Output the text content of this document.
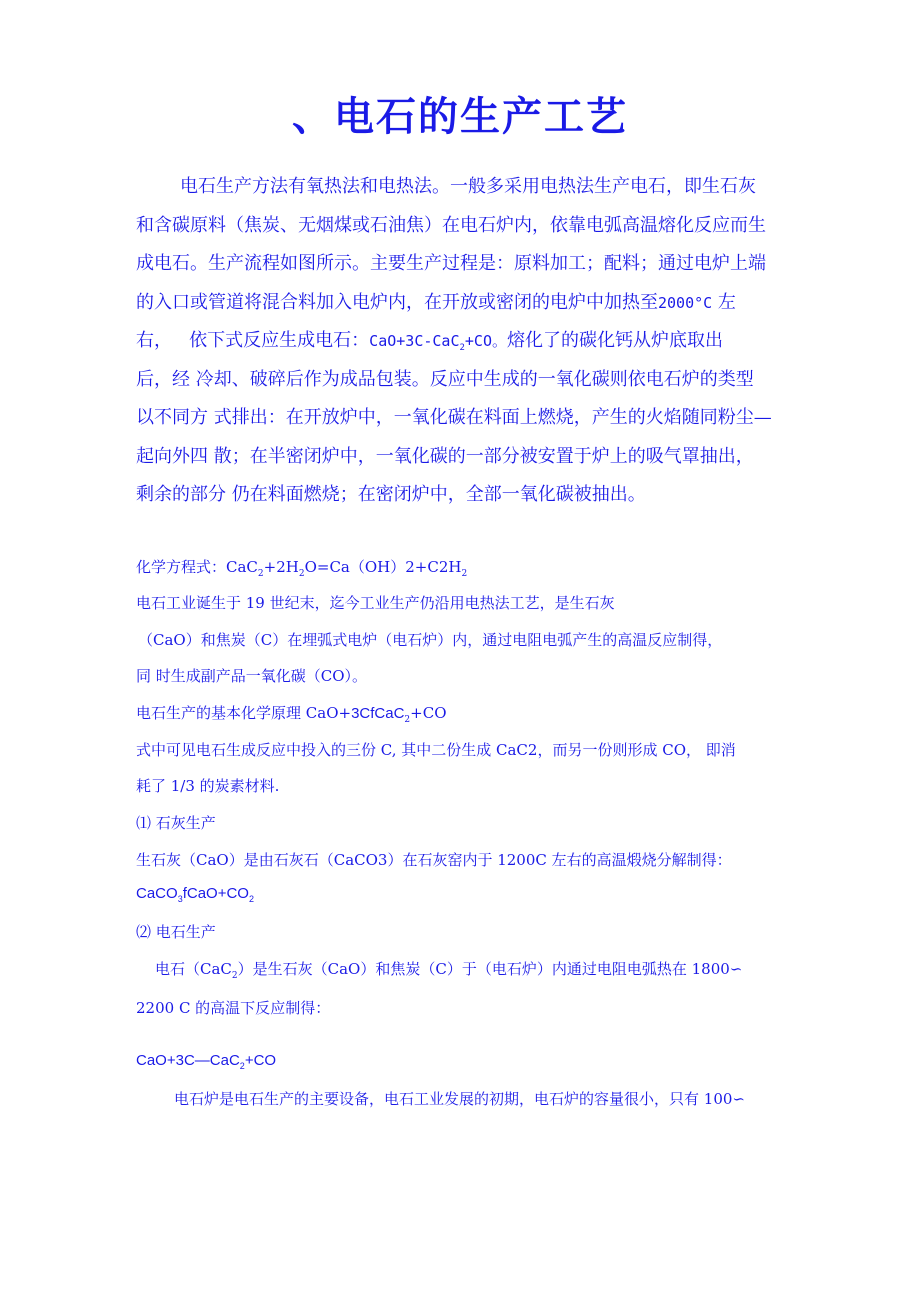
、电石的生产工艺
电石生产方法有氧热法和电热法。一般多采用电热法生产电石，即生石灰
和含碳原料（焦炭、无烟煤或石油焦）在电石炉内，依靠电弧高温熔化反应而生
成电石。生产流程如图所示。主要生产过程是：原料加工；配料；通过电炉上端
的入口或管道将混合料加入电炉内，在开放或密闭的电炉中加热至2000°C 左
右， 依下式反应生成电石：CaO+3C-CaC$_2$+CO。熔化了的碳化钙从炉底取出
后，经 冷却、破碎后作为成品包装。反应中生成的一氧化碳则依电石炉的类型
以不同方 式排出：在开放炉中，一氧化碳在料面上燃烧，产生的火焰随同粉尘—
起向外四 散；在半密闭炉中，一氧化碳的一部分被安置于炉上的吸气罩抽出，
剩余的部分 仍在料面燃烧；在密闭炉中，全部一氧化碳被抽出。
化学方程式：$CaC_2+2H_2O=Ca(OH)2+C2H_2$
电石工业诞生于 19 世纪末，迄今工业生产仍沿用电热法工艺，是生石灰
（CaO）和焦炭（C）在埋弧式电炉（电石炉）内，通过电阻电弧产生的高温反应制得，
同 时生成副产品一氧化碳（CO）。
电石生产的基本化学原理 CaO+3CfCaC$_2$+CO
式中可见电石生成反应中投入的三份 C, 其中二份生成 CaC2，而另一份则形成 CO， 即消
耗了 1/3 的炭素材料.
⑴ 石灰生产
生石灰（CaO）是由石灰石（CaCO3）在石灰窑内于 1200C 左右的高温煅烧分解制得：
$CaCO_3fCaO+CO_2$
⑵ 电石生产
电石（CaC$_2$）是生石灰（CaO）和焦炭（C）于（电石炉）内通过电阻电弧热在 1800∽
2200 C 的高温下反应制得：
CaO+3C—CaC$_2$+CO
电石炉是电石生产的主要设备，电石工业发展的初期，电石炉的容量很小，只有 100∽
